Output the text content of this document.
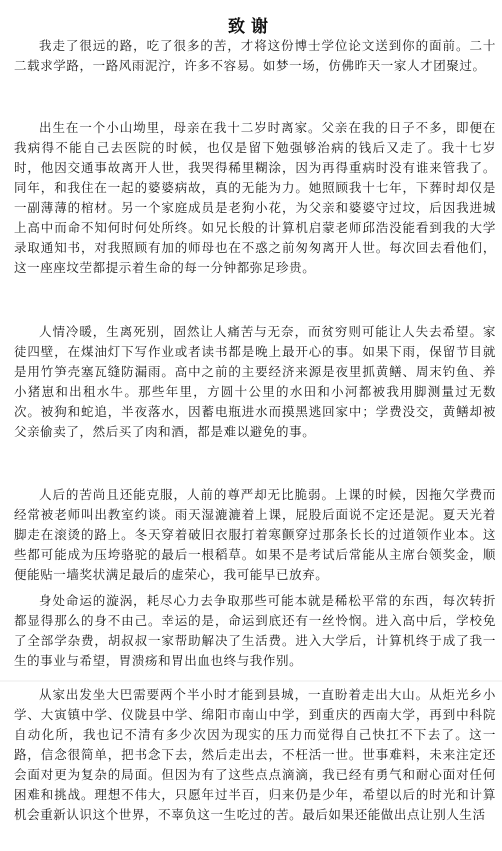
致谢

我走了很远的路，吃了很多的苦，才将这份博士学位论文送到你的面前。二十二载求学路，一路风雨泥泞，许多不容易。如梦一场，仿佛昨天一家人才团聚过。

出生在一个小山坳里，母亲在我十二岁时离家。父亲在我的日子不多，即便在我病得不能自己去医院的时候，也仅是留下勉强够治病的钱后又走了。我十七岁时，他因交通事故离开人世，我哭得稀里糊涂，因为再得重病时没有谁来管我了。同年，和我住在一起的婆婆病故，真的无能为力。她照顾我十七年，下葬时却仅是一副薄薄的棺材。另一个家庭成员是老狗小花，为父亲和婆婆守过坟，后因我进城上高中而命不知何时何处所终。如兄长般的计算机启蒙老师邱浩没能看到我的大学录取通知书，对我照顾有加的师母也在不惑之前匆匆离开人世。每次回去看他们，这一座座坟茔都提示着生命的每一分钟都弥足珍贵。

人情冷暖，生离死别，固然让人痛苦与无奈，而贫穷则可能让人失去希望。家徒四壁，在煤油灯下写作业或者读书都是晚上最开心的事。如果下雨，保留节目就是用竹笋壳塞瓦缝防漏雨。高中之前的主要经济来源是夜里抓黄鳝、周末钓鱼、养小猪崽和出租水牛。那些年里，方圆十公里的水田和小河都被我用脚测量过无数次。被狗和蛇追，半夜落水，因蓄电瓶进水而摸黑逃回家中；学费没交，黄鳝却被父亲偷卖了，然后买了肉和酒，都是难以避免的事。

人后的苦尚且还能克服，人前的尊严却无比脆弱。上课的时候，因拖欠学费而经常被老师叫出教室约谈。雨天湿漉漉着上课，屁股后面说不定还是泥。夏天光着脚走在滚烫的路上。冬天穿着破旧衣服打着寒颤穿过那条长长的过道领作业本。这些都可能成为压垮骆驼的最后一根稻草。如果不是考试后常能从主席台领奖金，顺便能贴一墙奖状满足最后的虚荣心，我可能早已放弃。

身处命运的漩涡，耗尽心力去争取那些可能本就是稀松平常的东西，每次转折都显得那么的身不由己。幸运的是，命运到底还有一丝怜悯。进入高中后，学校免了全部学杂费，胡叔叔一家帮助解决了生活费。进入大学后，计算机终于成了我一生的事业与希望，胃溃疡和胃出血也终与我作别。

从家出发坐大巴需要两个半小时才能到县城，一直盼着走出大山。从炬光乡小学、大寅镇中学、仪陇县中学、绵阳市南山中学，到重庆的西南大学，再到中科院自动化所，我也记不清有多少次因为现实的压力而觉得自己快扛不下去了。这一路，信念很简单，把书念下去，然后走出去，不枉活一世。世事难料，未来注定还会面对更为复杂的局面。但因为有了这些点点滴滴，我已经有勇气和耐心面对任何困难和挑战。理想不伟大，只愿年过半百，归来仍是少年，希望以后的时光和计算机会重新认识这个世界，不辜负这一生吃过的苦。最后如果还能做出点让别人生活
